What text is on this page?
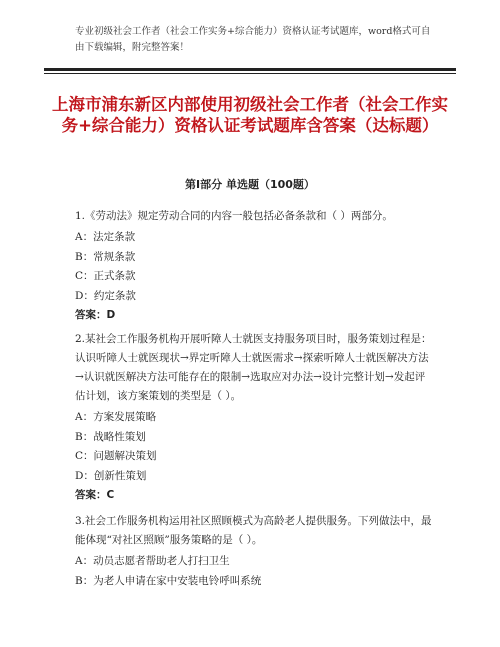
专业初级社会工作者（社会工作实务+综合能力）资格认证考试题库，word格式可自由下载编辑，附完整答案！
上海市浦东新区内部使用初级社会工作者（社会工作实务+综合能力）资格认证考试题库含答案（达标题）
第Ⅰ部分 单选题（100题）

1.《劳动法》规定劳动合同的内容一般包括必备条款和（ ）两部分。

A：法定条款
B：常规条款
C：正式条款
D：约定条款
答案：D

2.某社会工作服务机构开展听障人士就医支持服务项目时，服务策划过程是：认识听障人士就医现状→界定听障人士就医需求→探索听障人士就医解决方法→认识就医解决方法可能存在的限制→选取应对办法→设计完整计划→发起评估计划，该方案策划的类型是（ ）。

A：方案发展策略
B：战略性策划
C：问题解决策划
D：创新性策划
答案：C

3.社会工作服务机构运用社区照顾模式为高龄老人提供服务。下列做法中，最能体现“对社区照顾”服务策略的是（ ）。

A：动员志愿者帮助老人打扫卫生
B：为老人申请在家中安装电铃呼叫系统
